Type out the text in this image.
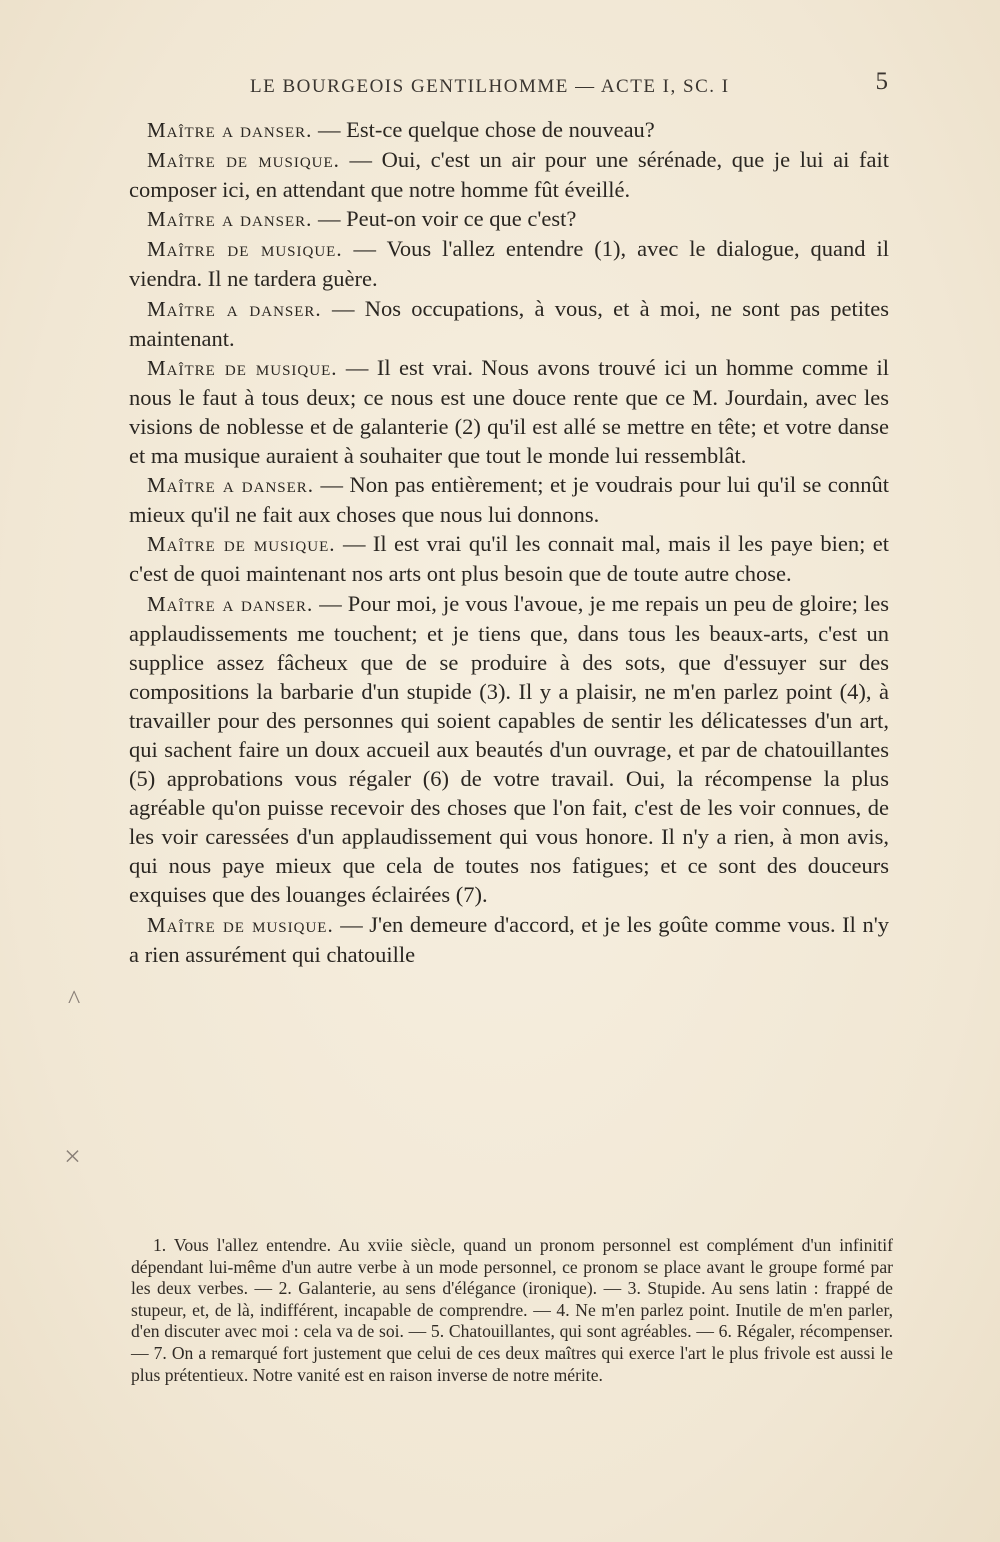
LE BOURGEOIS GENTILHOMME — ACTE I, SC. I	5

Maître a danser. — Est-ce quelque chose de nouveau?

Maître de musique. — Oui, c'est un air pour une sérénade, que je lui ai fait composer ici, en attendant que notre homme fût éveillé.

Maître a danser. — Peut-on voir ce que c'est?

Maître de musique. — Vous l'allez entendre (1), avec le dialogue, quand il viendra. Il ne tardera guère.

Maître a danser. — Nos occupations, à vous, et à moi, ne sont pas petites maintenant.

Maître de musique. — Il est vrai. Nous avons trouvé ici un homme comme il nous le faut à tous deux; ce nous est une douce rente que ce M. Jourdain, avec les visions de noblesse et de galanterie (2) qu'il est allé se mettre en tête; et votre danse et ma musique auraient à souhaiter que tout le monde lui ressemblât.

Maître a danser. — Non pas entièrement; et je voudrais pour lui qu'il se connût mieux qu'il ne fait aux choses que nous lui donnons.

Maître de musique. — Il est vrai qu'il les connait mal, mais il les paye bien; et c'est de quoi maintenant nos arts ont plus besoin que de toute autre chose.

Maître a danser. — Pour moi, je vous l'avoue, je me repais un peu de gloire; les applaudissements me touchent; et je tiens que, dans tous les beaux-arts, c'est un supplice assez fâcheux que de se produire à des sots, que d'essuyer sur des compositions la barbarie d'un stupide (3). Il y a plaisir, ne m'en parlez point (4), à travailler pour des personnes qui soient capables de sentir les délicatesses d'un art, qui sachent faire un doux accueil aux beautés d'un ouvrage, et par de chatouillantes (5) approbations vous régaler (6) de votre travail. Oui, la récompense la plus agréable qu'on puisse recevoir des choses que l'on fait, c'est de les voir connues, de les voir caressées d'un applaudissement qui vous honore. Il n'y a rien, à mon avis, qui nous paye mieux que cela de toutes nos fatigues; et ce sont des douceurs exquises que des louanges éclairées (7).

Maître de musique. — J'en demeure d'accord, et je les goûte comme vous. Il n'y a rien assurément qui chatouille

1. Vous l'allez entendre. Au xviie siècle, quand un pronom personnel est complément d'un infinitif dépendant lui-même d'un autre verbe à un mode personnel, ce pronom se place avant le groupe formé par les deux verbes. — 2. Galanterie, au sens d'élégance (ironique). — 3. Stupide. Au sens latin : frappé de stupeur, et, de là, indifférent, incapable de comprendre. — 4. Ne m'en parlez point. Inutile de m'en parler, d'en discuter avec moi : cela va de soi. — 5. Chatouillantes, qui sont agréables. — 6. Régaler, récompenser. — 7. On a remarqué fort justement que celui de ces deux maîtres qui exerce l'art le plus frivole est aussi le plus prétentieux. Notre vanité est en raison inverse de notre mérite.

^
×
